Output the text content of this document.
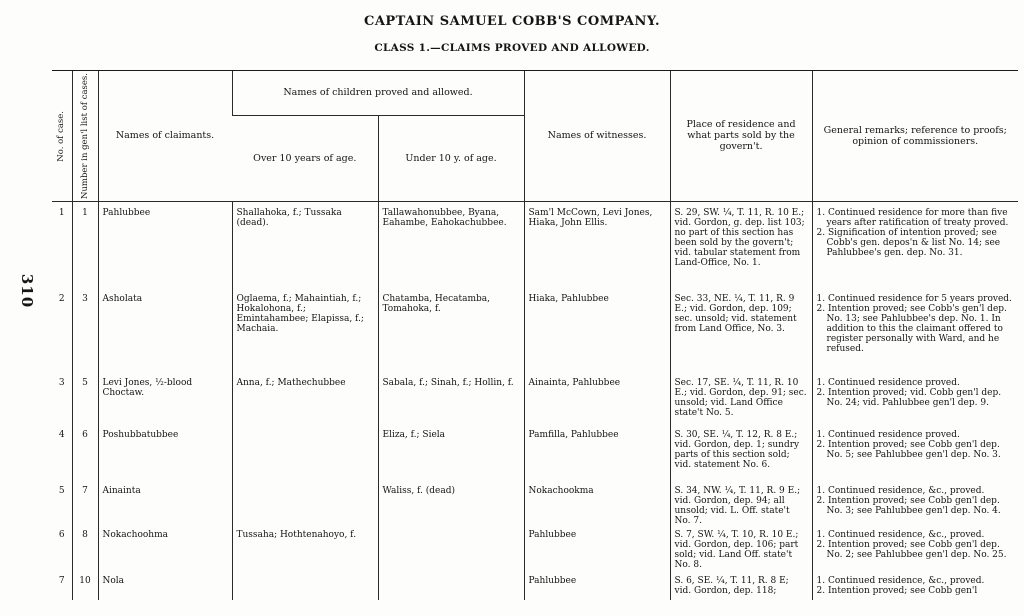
310
CAPTAIN SAMUEL COBB'S COMPANY.
CLASS 1.—CLAIMS PROVED AND ALLOWED.
No. of case.	Number in gen'l list of cases.	Names of claimants.	Names of children proved and allowed.		Names of witnesses.	Place of residence and what parts sold by the govern't.	General remarks; reference to proofs; opinion of commissioners.
			Over 10 years of age.	Under 10 y. of age.			

1	1	Pahlubbee	Shallahoka, f.; Tussaka (dead).	Tallawahonubbee, Byana, Eahambe, Eahokachubbee.	Sam'l McCown, Levi Jones, Hiaka, John Ellis.	S. 29, SW. ¼, T. 11, R. 10 E.; vid. Gordon, g. dep. list 103; no part of this section has been sold by the govern't; vid. tabular statement from Land-Office, No. 1.	1. Continued residence for more than five years after ratification of treaty proved.
2. Signification of intention proved; see Cobb's gen. depos'n & list No. 14; see Pahlubbee's gen. dep. No. 31.

2	3	Asholata	Oglaema, f.; Mahaintiah, f.; Hokalohona, f.; Emintahambee; Elapissa, f.; Machaia.	Chatamba, Hecatamba, Tomahoka, f.	Hiaka, Pahlubbee	Sec. 33, NE. ¼, T. 11, R. 9 E.; vid. Gordon, dep. 109; sec. unsold; vid. statement from Land Office, No. 3.	1. Continued residence for 5 years proved.
2. Intention proved; see Cobb's gen'l dep. No. 13; see Pahlubbee's dep. No. 1. In addition to this the claimant offered to register personally with Ward, and he refused.

3	5	Levi Jones, ½-blood Choctaw.	Anna, f.; Mathechubbee	Sabala, f.; Sinah, f.; Hollin, f.	Ainainta, Pahlubbee	Sec. 17, SE. ¼, T. 11, R. 10 E.; vid. Gordon, dep. 91; sec. unsold; vid. Land Office state't No. 5.	1. Continued residence proved.
2. Intention proved; vid. Cobb gen'l dep. No. 24; vid. Pahlubbee gen'l dep. 9.

4	6	Poshubbatubbee		Eliza, f.; Siela	Pamfilla, Pahlubbee	S. 30, SE. ¼, T. 12, R. 8 E.; vid. Gordon, dep. 1; sundry parts of this section sold; vid. statement No. 6.	1. Continued residence proved.
2. Intention proved; see Cobb gen'l dep. No. 5; see Pahlubbee gen'l dep. No. 3.

5	7	Ainainta		Waliss, f. (dead)	Nokachookma	S. 34, NW. ¼, T. 11, R. 9 E.; vid. Gordon, dep. 94; all unsold; vid. L. Off. state't No. 7.	1. Continued residence, &c., proved.
2. Intention proved; see Cobb gen'l dep. No. 3; see Pahlubbee gen'l dep. No. 4.

6	8	Nokachoohma	Tussaha; Hothtenahoyo, f.		Pahlubbee	S. 7, SW. ¼, T. 10, R. 10 E.; vid. Gordon, dep. 106; part sold; vid. Land Off. state't No. 8.	1. Continued residence, &c., proved.
2. Intention proved; see Cobb gen'l dep. No. 2; see Pahlubbee gen'l dep. No. 25.

7	10	Nola			Pahlubbee	S. 6, SE. ¼, T. 11, R. 8 E; vid. Gordon, dep. 118;	1. Continued residence, &c., proved.
2. Intention proved; see Cobb gen'l
